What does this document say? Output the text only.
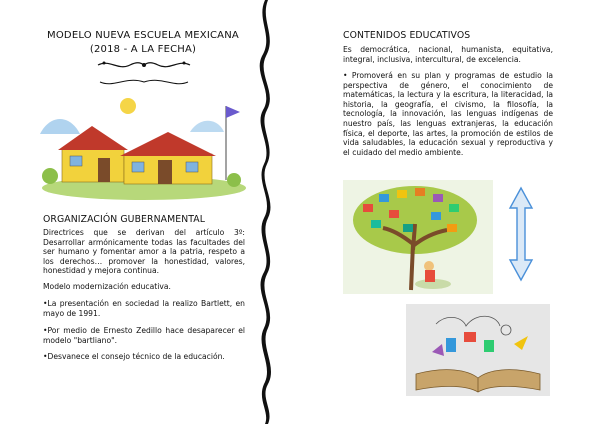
MODELO NUEVA ESCUELA MEXICANA
(2018 - A LA FECHA)
ORGANIZACIÓN GUBERNAMENTAL

Directrices que se derivan del artículo 3º: Desarrollar armónicamente todas las facultades del ser humano y fomentar amor a la patria, respeto a los derechos… promover la honestidad, valores, honestidad y mejora continua.

Modelo modernización educativa.

•La presentación en sociedad la realizo Bartlett, en mayo de 1991.

•Por medio de Ernesto Zedillo hace desaparecer el modelo "bartliano".

•Desvanece el consejo técnico de la educación.

CONTENIDOS EDUCATIVOS

Es democrática, nacional, humanista, equitativa, integral, inclusiva, intercultural, de excelencia.

• Promoverá en su plan y programas de estudio la perspectiva de género, el conocimiento de matemáticas, la lectura y la escritura, la literacidad, la historia, la geografía, el civismo, la filosofía, la tecnología, la innovación, las lenguas indígenas de nuestro país, las lenguas extranjeras, la educación física, el deporte, las artes, la promoción de estilos de vida saludables, la educación sexual y reproductiva y el cuidado del medio ambiente.
